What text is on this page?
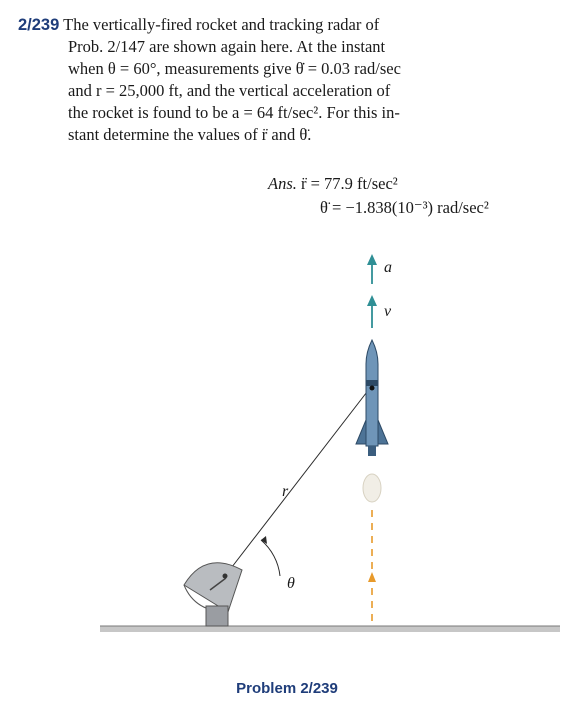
2/239 The vertically-fired rocket and tracking radar of
Prob. 2/147 are shown again here. At the instant
when θ = 60°, measurements give θ̇ = 0.03 rad/sec
and r = 25,000 ft, and the vertical acceleration of
the rocket is found to be a = 64 ft/sec². For this in-
stant determine the values of r̈ and θ̈.
Ans. r̈ = 77.9 ft/sec²
θ̈ = −1.838(10⁻³) rad/sec²
a
v
r
θ
Problem 2/239
